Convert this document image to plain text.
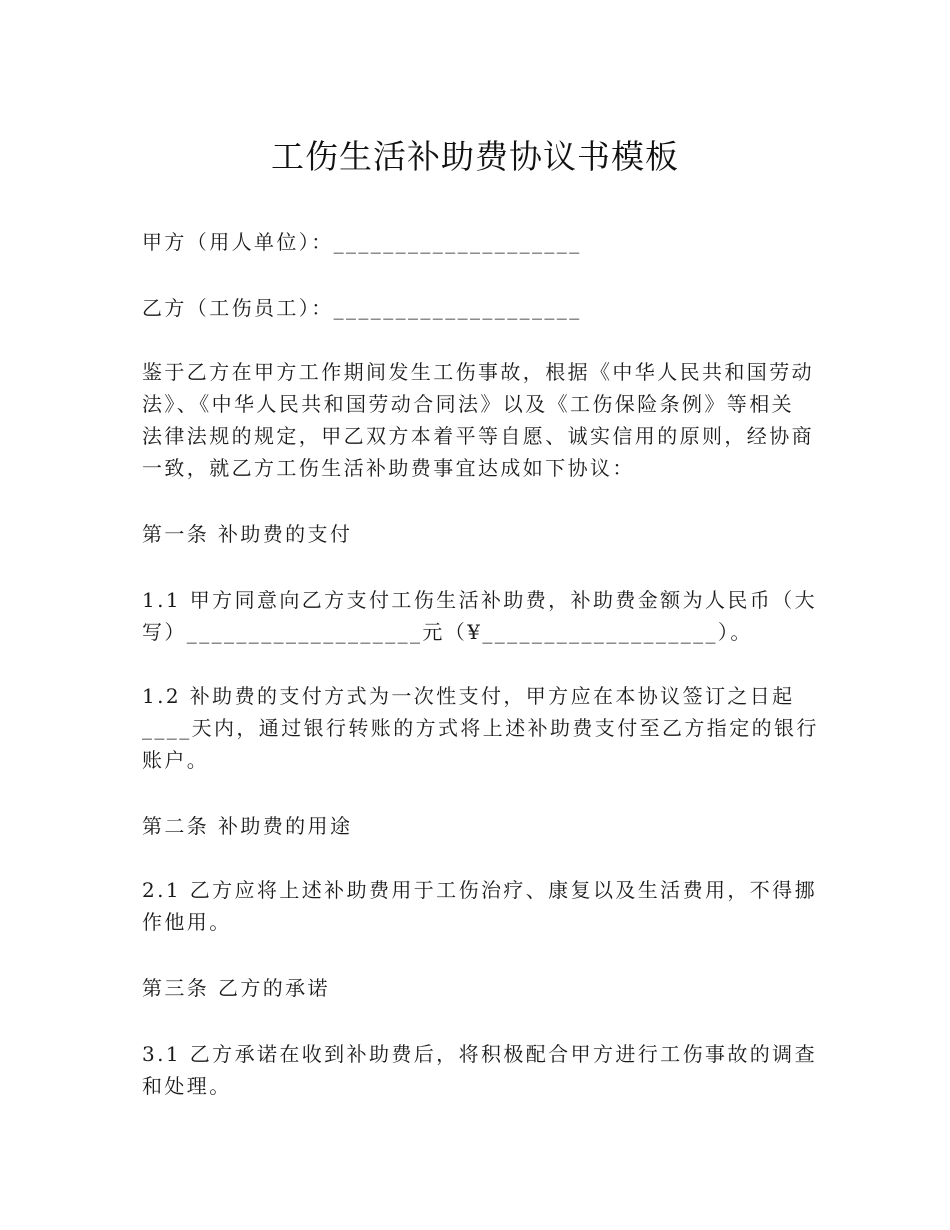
工伤生活补助费协议书模板

甲方（用人单位）：____________________

乙方（工伤员工）：____________________

鉴于乙方在甲方工作期间发生工伤事故，根据《中华人民共和国劳动
法》、《中华人民共和国劳动合同法》以及《工伤保险条例》等相关
法律法规的规定，甲乙双方本着平等自愿、诚实信用的原则，经协商
一致，就乙方工伤生活补助费事宜达成如下协议：

第一条 补助费的支付

1.1 甲方同意向乙方支付工伤生活补助费，补助费金额为人民币（大
写）___________________元（¥___________________）。

1.2 补助费的支付方式为一次性支付，甲方应在本协议签订之日起
____天内，通过银行转账的方式将上述补助费支付至乙方指定的银行
账户。

第二条 补助费的用途

2.1 乙方应将上述补助费用于工伤治疗、康复以及生活费用，不得挪
作他用。

第三条 乙方的承诺

3.1 乙方承诺在收到补助费后，将积极配合甲方进行工伤事故的调查
和处理。
